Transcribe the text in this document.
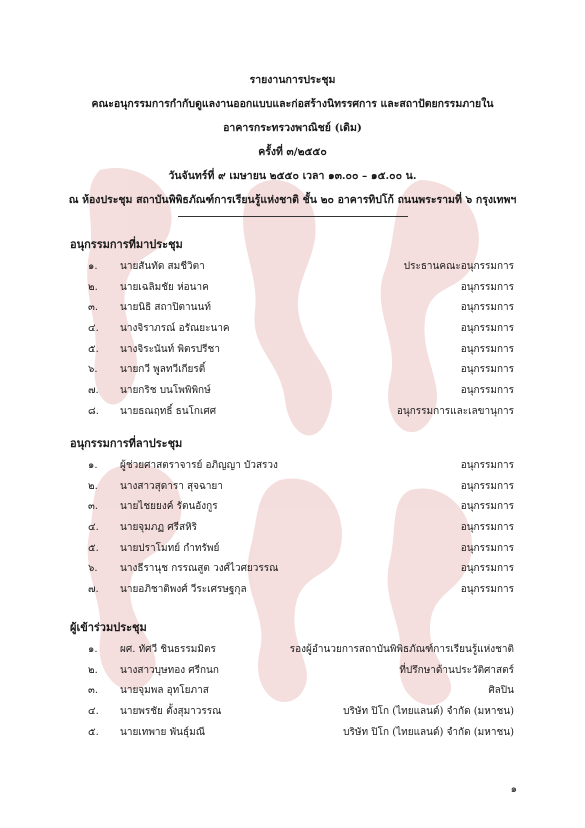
รายงานการประชุม
คณะอนุกรรมการกำกับดูแลงานออกแบบและก่อสร้างนิทรรศการ และสถาปัตยกรรมภายใน
อาคารกระทรวงพาณิชย์ (เดิม)
ครั้งที่ ๓/๒๕๕๐
วันจันทร์ที่ ๙ เมษายน ๒๕๕๐ เวลา ๑๓.๐๐ – ๑๕.๐๐ น.
ณ ห้องประชุม สถาบันพิพิธภัณฑ์การเรียนรู้แห่งชาติ ชั้น ๒๐ อาคารทิปโก้ ถนนพระรามที่ ๖ กรุงเทพฯ
อนุกรรมการที่มาประชุม
๑.	นายสันทัด สมชีวิตา	ประธานคณะอนุกรรมการ
๒.	นายเฉลิมชัย ห่อนาค	อนุกรรมการ
๓.	นายนิธิ สถาปิตานนท์	อนุกรรมการ
๔.	นางจิราภรณ์ อรัณยะนาค	อนุกรรมการ
๕.	นางจิระนันท์ พิตรปรีชา	อนุกรรมการ
๖.	นายกวี พูลทวีเกียรติ์	อนุกรรมการ
๗.	นายกริช บนโพพิพิกษ์	อนุกรรมการ
๘.	นายธณฤทธิ์ ธนโกเศศ	อนุกรรมการและเลขานุการ
อนุกรรมการที่ลาประชุม
๑.	ผู้ช่วยศาสตราจารย์ อภิญญา บัวสรวง	อนุกรรมการ
๒.	นางสาวสุดารา สุจฉายา	อนุกรรมการ
๓.	นายไชยยงค์ รัตนอังกูร	อนุกรรมการ
๔.	นายจุมภฏ ศรีสหิริ	อนุกรรมการ
๕.	นายปราโมทย์ กำทรัพย์	อนุกรรมการ
๖.	นางธีรานุช กรรณสูต วงศ์ไวศยวรรณ	อนุกรรมการ
๗.	นายอภิชาติพงศ์ วีระเศรษฐกุล	อนุกรรมการ
ผู้เข้าร่วมประชุม
๑.	ผศ. ทัศวี ชินธรรมมิตร	รองผู้อำนวยการสถาบันพิพิธภัณฑ์การเรียนรู้แห่งชาติ
๒.	นางสาวบุษทอง ศรีกนก	ที่ปรึกษาด้านประวัติศาสตร์
๓.	นายจุมพล อุทโยภาส	ศิลปิน
๔.	นายพรชัย ตั้งสุมาวรรณ	บริษัท ปิโก (ไทยแลนด์) จำกัด (มหาชน)
๕.	นายเทพาย พันธุ์มณี	บริษัท ปิโก (ไทยแลนด์) จำกัด (มหาชน)
๑
